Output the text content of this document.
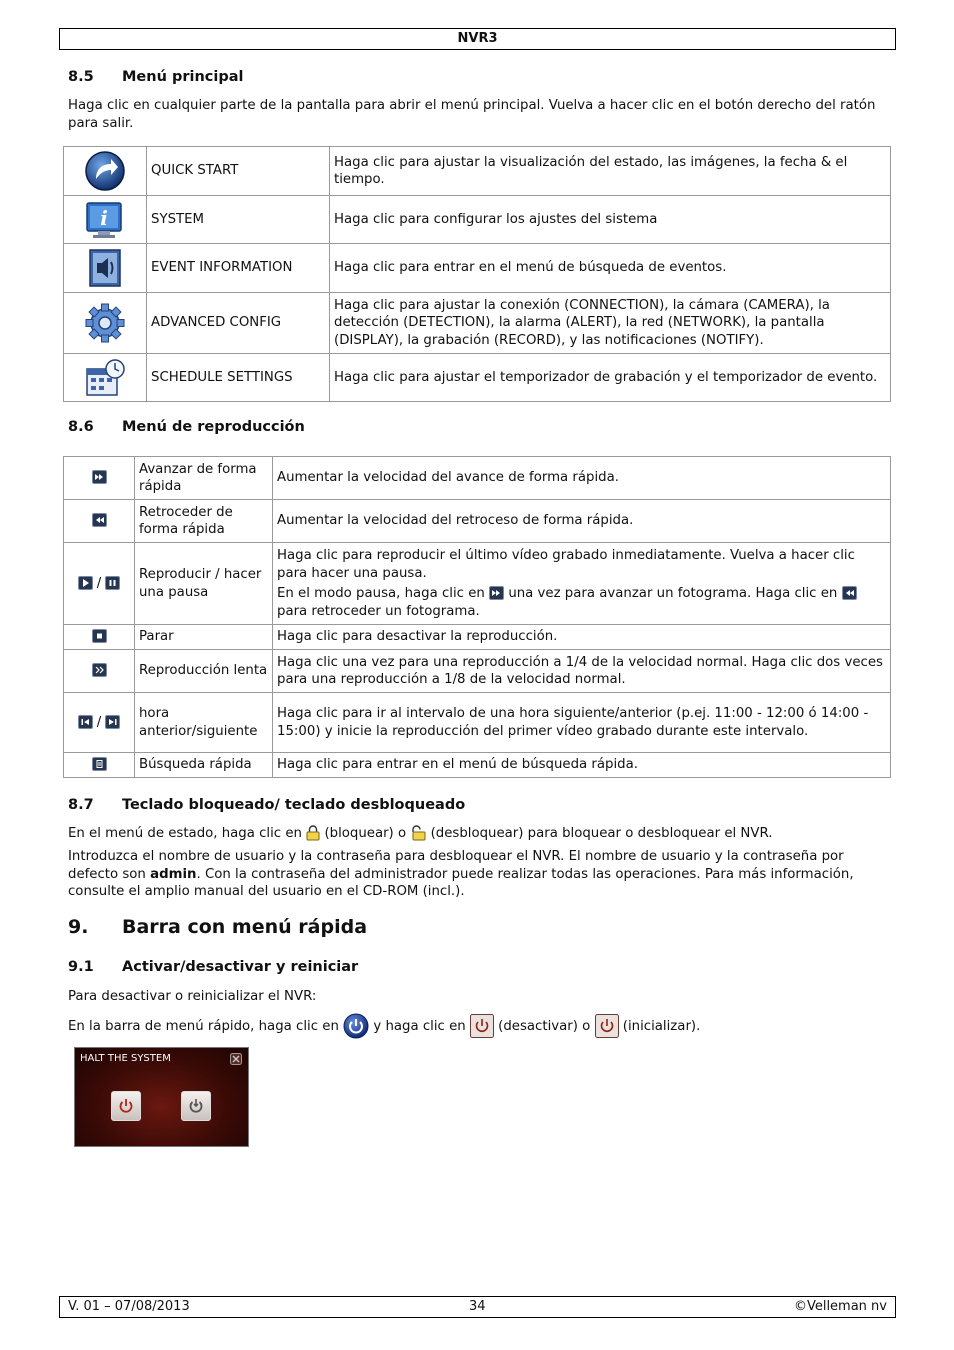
NVR3
8.5 Menú principal
Haga clic en cualquier parte de la pantalla para abrir el menú principal. Vuelva a hacer clic en el botón derecho del ratón para salir.
	QUICK START	Haga clic para ajustar la visualización del estado, las imágenes, la fecha & el tiempo.

i	SYSTEM	Haga clic para configurar los ajustes del sistema
	EVENT INFORMATION	Haga clic para entrar en el menú de búsqueda de eventos.
	ADVANCED CONFIG	Haga clic para ajustar la conexión (CONNECTION), la cámara (CAMERA), la detección (DETECTION), la alarma (ALERT), la red (NETWORK), la pantalla (DISPLAY), la grabación (RECORD), y las notificaciones (NOTIFY).
	SCHEDULE SETTINGS	Haga clic para ajustar el temporizador de grabación y el temporizador de evento.
8.6 Menú de reproducción
	Avanzar de forma rápida	Aumentar la velocidad del avance de forma rápida.

	Retroceder de forma rápida	Aumentar la velocidad del retroceso de forma rápida.

/	Reproducir / hacer una pausa	Haga clic para reproducir el último vídeo grabado inmediatamente. Vuelva a hacer clic para hacer una pausa.
En el modo pausa, haga clic en una vez para avanzar un fotograma. Haga clic en
para retroceder un fotograma.

	Parar	Haga clic para desactivar la reproducción.

	Reproducción lenta	Haga clic una vez para una reproducción a 1/4 de la velocidad normal. Haga clic dos veces para una reproducción a 1/8 de la velocidad normal.

/	hora anterior/siguiente	Haga clic para ir al intervalo de una hora siguiente/anterior (p.ej. 11:00 - 12:00 ó 14:00 - 15:00) y inicie la reproducción del primer vídeo grabado durante este intervalo.

	Búsqueda rápida	Haga clic para entrar en el menú de búsqueda rápida.
8.7 Teclado bloqueado/ teclado desbloqueado
En el menú de estado, haga clic en (bloquear) o (desbloquear) para bloquear o desbloquear el NVR.
Introduzca el nombre de usuario y la contraseña para desbloquear el NVR. El nombre de usuario y la contraseña por defecto son admin. Con la contraseña del administrador puede realizar todas las operaciones. Para más información, consulte el amplio manual del usuario en el CD-ROM (incl.).
9. Barra con menú rápida
9.1 Activar/desactivar y reiniciar
Para desactivar o reinicializar el NVR:
En la barra de menú rápido, haga clic en	y haga clic en (desactivar) o (inicializar).
HALT THE SYSTEM
V. 01 – 07/08/2013	34	©Velleman nv
